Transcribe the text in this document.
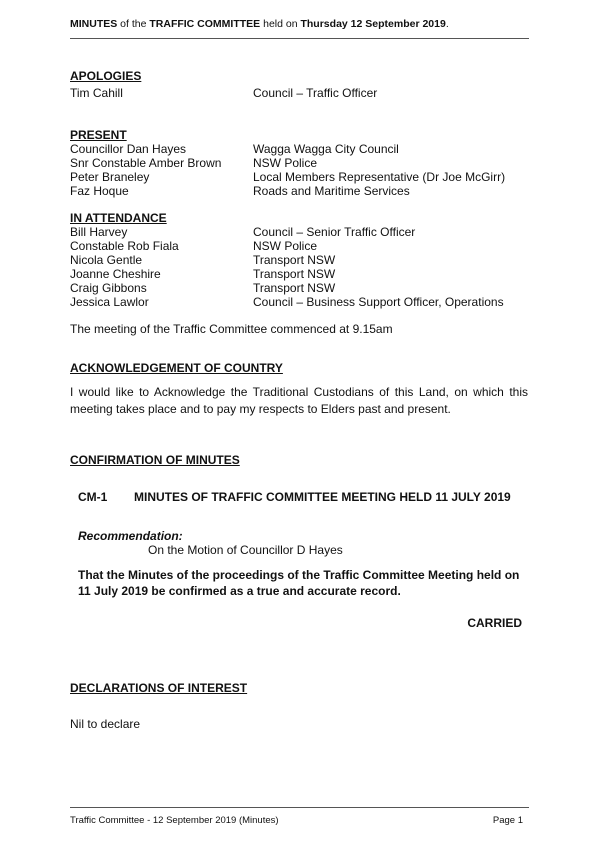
MINUTES of the TRAFFIC COMMITTEE held on Thursday 12 September 2019.
APOLOGIES
Tim Cahill	Council – Traffic Officer
PRESENT
Councillor Dan Hayes	Wagga Wagga City Council
Snr Constable Amber Brown	NSW Police
Peter Braneley	Local Members Representative (Dr Joe McGirr)
Faz Hoque	Roads and Maritime Services
IN ATTENDANCE
Bill Harvey	Council – Senior Traffic Officer
Constable Rob Fiala	NSW Police
Nicola Gentle	Transport NSW
Joanne Cheshire	Transport NSW
Craig Gibbons	Transport NSW
Jessica Lawlor	Council – Business Support Officer, Operations
The meeting of the Traffic Committee commenced at 9.15am
ACKNOWLEDGEMENT OF COUNTRY
I would like to Acknowledge the Traditional Custodians of this Land, on which this meeting takes place and to pay my respects to Elders past and present.
CONFIRMATION OF MINUTES
CM-1 MINUTES OF TRAFFIC COMMITTEE MEETING HELD 11 JULY 2019
Recommendation:
On the Motion of Councillor D Hayes
That the Minutes of the proceedings of the Traffic Committee Meeting held on 11 July 2019 be confirmed as a true and accurate record.
CARRIED
DECLARATIONS OF INTEREST
Nil to declare
Traffic Committee - 12 September 2019 (Minutes)	Page 1
